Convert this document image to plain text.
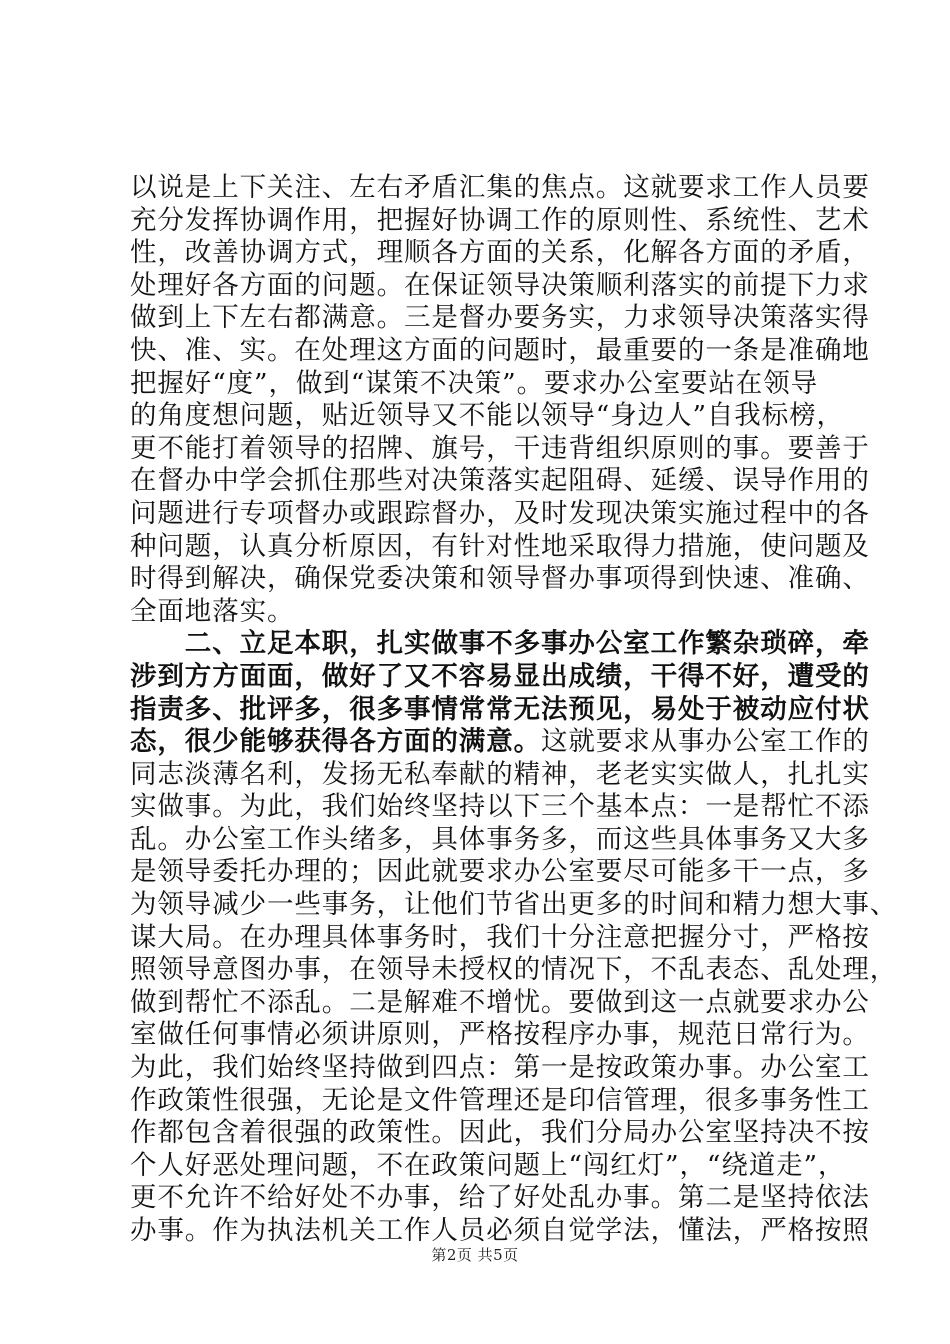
以说是上下关注、左右矛盾汇集的焦点。这就要求工作人员要
充分发挥协调作用，把握好协调工作的原则性、系统性、艺术
性，改善协调方式，理顺各方面的关系，化解各方面的矛盾，
处理好各方面的问题。在保证领导决策顺利落实的前提下力求
做到上下左右都满意。三是督办要务实，力求领导决策落实得
快、准、实。在处理这方面的问题时，最重要的一条是准确地
把握好“度”，做到“谋策不决策”。要求办公室要站在领导
的角度想问题，贴近领导又不能以领导“身边人”自我标榜，
更不能打着领导的招牌、旗号，干违背组织原则的事。要善于
在督办中学会抓住那些对决策落实起阻碍、延缓、误导作用的
问题进行专项督办或跟踪督办，及时发现决策实施过程中的各
种问题，认真分析原因，有针对性地采取得力措施，使问题及
时得到解决，确保党委决策和领导督办事项得到快速、准确、
全面地落实。
　　二、立足本职，扎实做事不多事办公室工作繁杂琐碎，牵
涉到方方面面，做好了又不容易显出成绩，干得不好，遭受的
指责多、批评多，很多事情常常无法预见，易处于被动应付状
态，很少能够获得各方面的满意。这就要求从事办公室工作的
同志淡薄名利，发扬无私奉献的精神，老老实实做人，扎扎实
实做事。为此，我们始终坚持以下三个基本点：一是帮忙不添
乱。办公室工作头绪多，具体事务多，而这些具体事务又大多
是领导委托办理的；因此就要求办公室要尽可能多干一点，多
为领导减少一些事务，让他们节省出更多的时间和精力想大事、
谋大局。在办理具体事务时，我们十分注意把握分寸，严格按
照领导意图办事，在领导未授权的情况下，不乱表态、乱处理，
做到帮忙不添乱。二是解难不增忧。要做到这一点就要求办公
室做任何事情必须讲原则，严格按程序办事，规范日常行为。
为此，我们始终坚持做到四点：第一是按政策办事。办公室工
作政策性很强，无论是文件管理还是印信管理，很多事务性工
作都包含着很强的政策性。因此，我们分局办公室坚持决不按
个人好恶处理问题，不在政策问题上“闯红灯”，“绕道走”，
更不允许不给好处不办事，给了好处乱办事。第二是坚持依法
办事。作为执法机关工作人员必须自觉学法，懂法，严格按照
第2页 共5页
